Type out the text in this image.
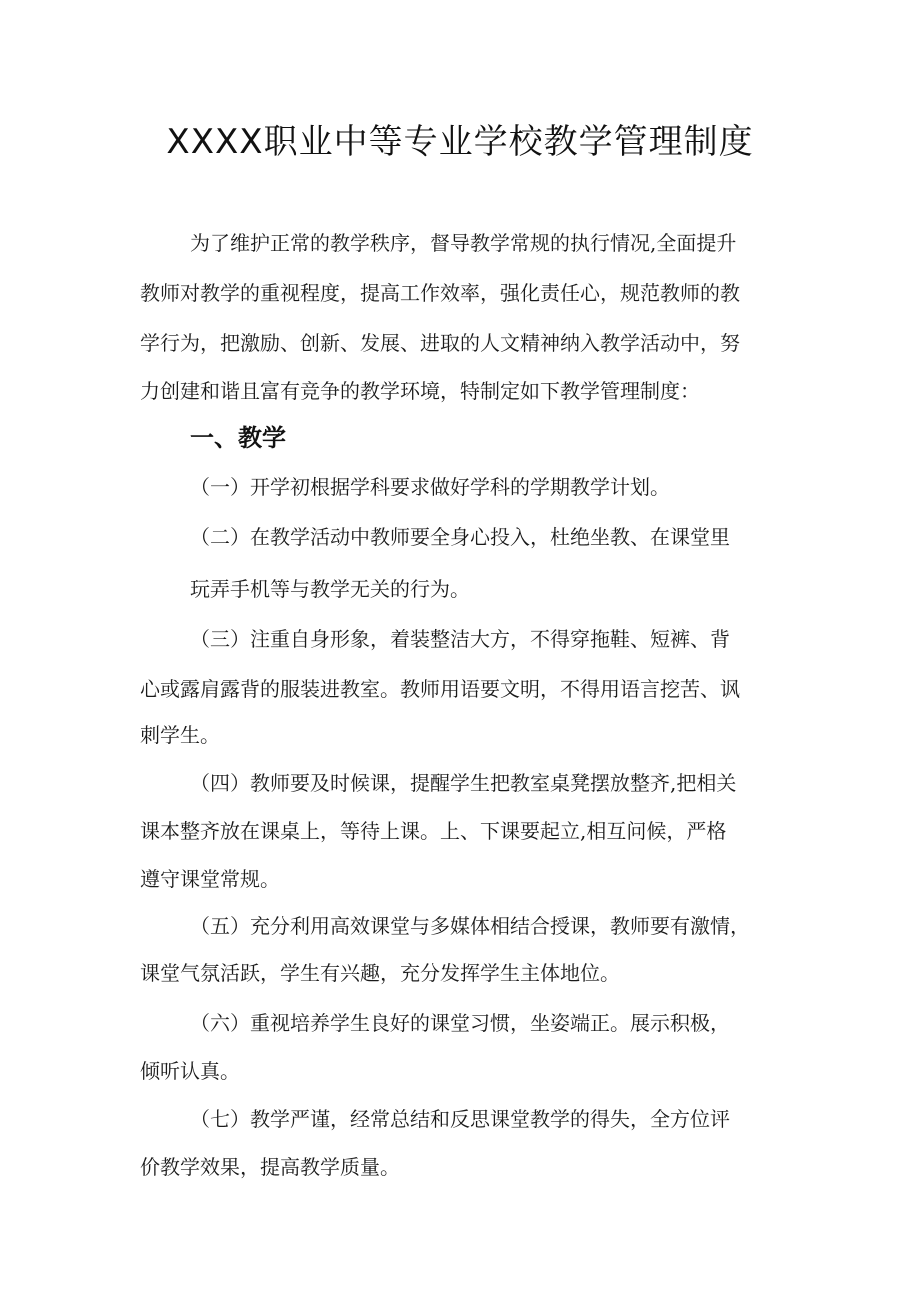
XXXX职业中等专业学校教学管理制度
为了维护正常的教学秩序，督导教学常规的执行情况,全面提升
教师对教学的重视程度，提高工作效率，强化责任心，规范教师的教
学行为，把激励、创新、发展、进取的人文精神纳入教学活动中，努
力创建和谐且富有竞争的教学环境，特制定如下教学管理制度：
一、教学
（一）开学初根据学科要求做好学科的学期教学计划。
（二）在教学活动中教师要全身心投入，杜绝坐教、在课堂里
玩弄手机等与教学无关的行为。
（三）注重自身形象，着装整洁大方，不得穿拖鞋、短裤、背
心或露肩露背的服装进教室。教师用语要文明，不得用语言挖苦、讽
刺学生。
（四）教师要及时候课，提醒学生把教室桌凳摆放整齐,把相关
课本整齐放在课桌上，等待上课。上、下课要起立,相互问候，严格
遵守课堂常规。
（五）充分利用高效课堂与多媒体相结合授课，教师要有激情，
课堂气氛活跃，学生有兴趣，充分发挥学生主体地位。
（六）重视培养学生良好的课堂习惯，坐姿端正。展示积极，
倾听认真。
（七）教学严谨，经常总结和反思课堂教学的得失，全方位评
价教学效果，提高教学质量。
